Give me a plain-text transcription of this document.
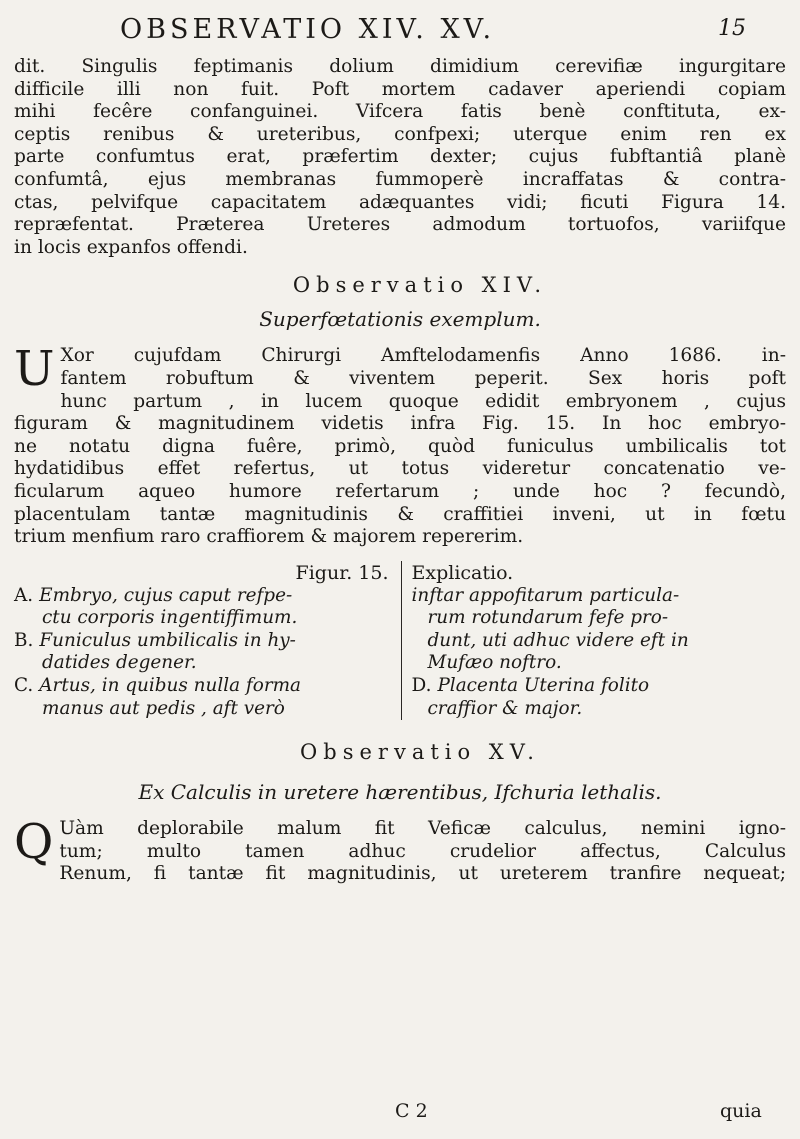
OBSERVATIO XIV. XV.	15

dit. Singulis feptimanis dolium dimidium cerevifiæ ingurgitare

difficile illi non fuit. Poft mortem cadaver aperiendi copiam

mihi fecêre confanguinei. Vifcera fatis benè conftituta, ex-

ceptis renibus & ureteribus, confpexi; uterque enim ren ex

parte confumtus erat, præfertim dexter; cujus fubftantiâ planè

confumtâ, ejus membranas fummoperè incraffatas & contra-

ctas, pelvifque capacitatem adæquantes vidi; ficuti Figura 14.

repræfentat. Præterea Ureteres admodum tortuofos, variifque

in locis expanfos offendi.

Observatio XIV.
Superfœtationis exemplum.
U Xor cujufdam Chirurgi Amftelodamenfis Anno 1686. in-

fantem robuftum & viventem peperit. Sex horis poft

hunc partum , in lucem quoque edidit embryonem , cujus

figuram & magnitudinem videtis infra Fig. 15. In hoc embryo-

ne notatu digna fuêre, primò, quòd funiculus umbilicalis tot

hydatidibus effet refertus, ut totus videretur concatenatio ve-

ficularum aqueo humore refertarum ; unde hoc ? fecundò,

placentulam tantæ magnitudinis & craffitiei inveni, ut in fœtu

trium menfium raro craffiorem & majorem repererim.

Figur. 15.

A. Embryo, cujus caput refpe-

ctu corporis ingentiffimum.

B. Funiculus umbilicalis in hy-

datides degener.

C. Artus, in quibus nulla forma

manus aut pedis , aft verò

Explicatio.

inftar appofitarum particula-

rum rotundarum fefe pro-

dunt, uti adhuc videre eft in

Mufæo noftro.

D. Placenta Uterina folito

craffior & major.

Observatio XV.
Ex Calculis in uretere hærentibus, Ifchuria lethalis.
Q Uàm deplorabile malum fit Veficæ calculus, nemini igno-

tum; multo tamen adhuc crudelior affectus, Calculus

Renum, fi tantæ fit magnitudinis, ut ureterem tranfire nequeat;

C 2	quia
